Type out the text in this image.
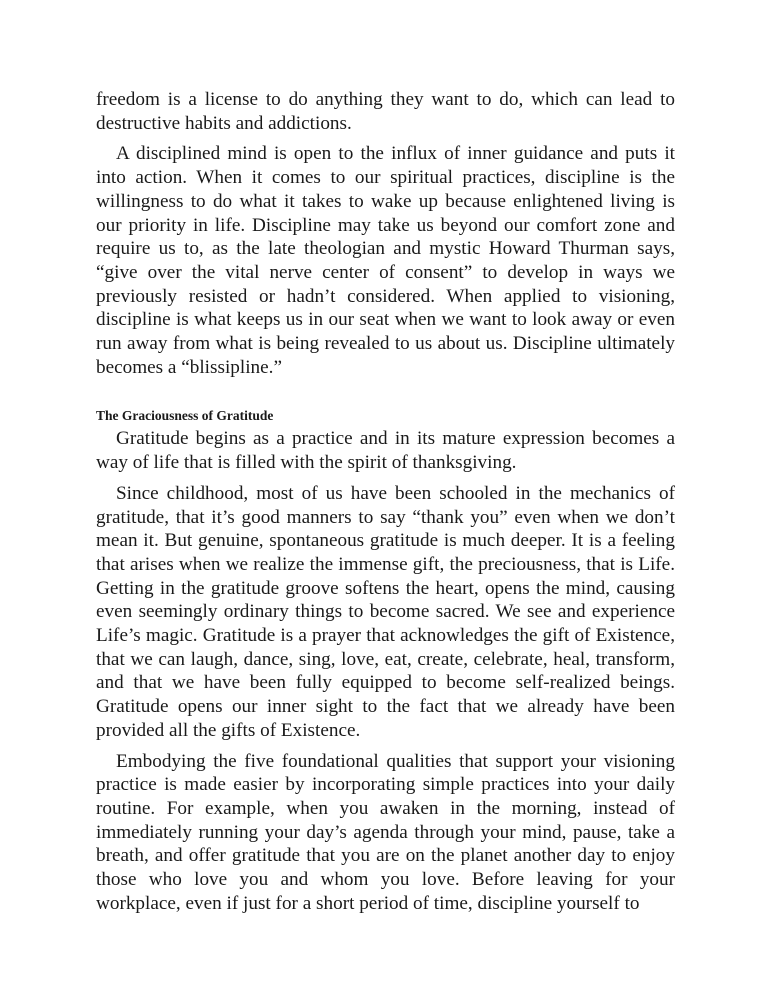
freedom is a license to do anything they want to do, which can lead to destructive habits and addictions.

A disciplined mind is open to the influx of inner guidance and puts it into action. When it comes to our spiritual practices, discipline is the willingness to do what it takes to wake up because enlightened living is our priority in life. Discipline may take us beyond our comfort zone and require us to, as the late theologian and mystic Howard Thurman says, “give over the vital nerve center of consent” to develop in ways we previously resisted or hadn’t considered. When applied to visioning, discipline is what keeps us in our seat when we want to look away or even run away from what is being revealed to us about us. Discipline ultimately becomes a “blissipline.”

The Graciousness of Gratitude

Gratitude begins as a practice and in its mature expression becomes a way of life that is filled with the spirit of thanksgiving.

Since childhood, most of us have been schooled in the mechanics of gratitude, that it’s good manners to say “thank you” even when we don’t mean it. But genuine, spontaneous gratitude is much deeper. It is a feeling that arises when we realize the immense gift, the preciousness, that is Life. Getting in the gratitude groove softens the heart, opens the mind, causing even seemingly ordinary things to become sacred. We see and experience Life’s magic. Gratitude is a prayer that acknowledges the gift of Existence, that we can laugh, dance, sing, love, eat, create, celebrate, heal, transform, and that we have been fully equipped to become self-realized beings. Gratitude opens our inner sight to the fact that we already have been provided all the gifts of Existence.

Embodying the five foundational qualities that support your visioning practice is made easier by incorporating simple practices into your daily routine. For example, when you awaken in the morning, instead of immediately running your day’s agenda through your mind, pause, take a breath, and offer gratitude that you are on the planet another day to enjoy those who love you and whom you love. Before leaving for your workplace, even if just for a short period of time, discipline yourself to
